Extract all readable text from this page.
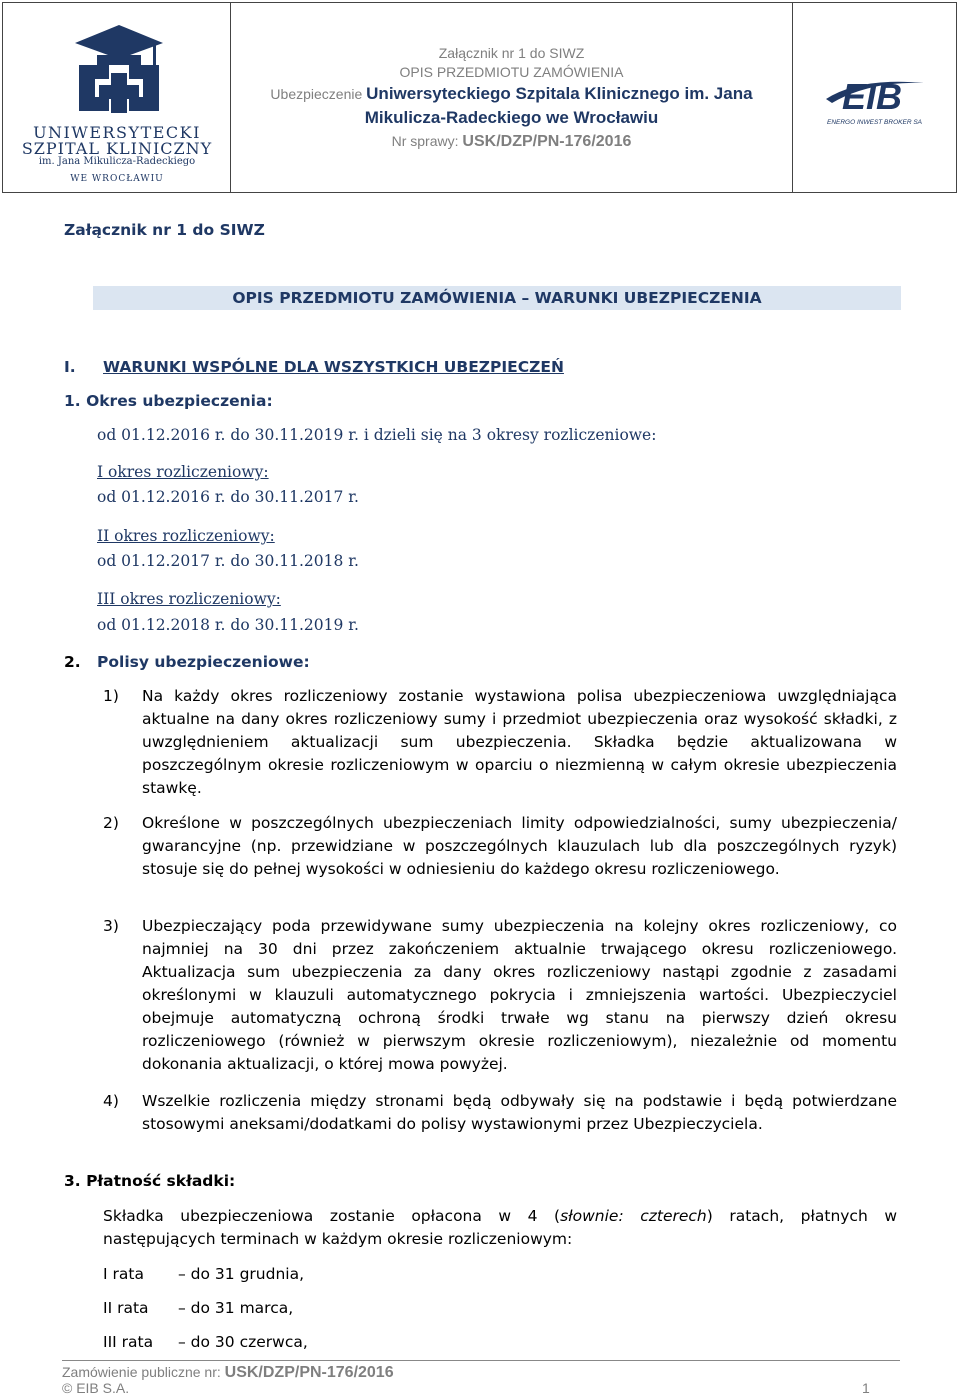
UNIWERSYTECKI
SZPITAL KLINICZNY
im. Jana Mikulicza-Radeckiego
WE WROCŁAWIU
Załącznik nr 1 do SIWZ
OPIS PRZEDMIOTU ZAMÓWIENIA
Ubezpieczenie Uniwersyteckiego Szpitala Klinicznego im. Jana
Mikulicza-Radeckiego we Wrocławiu
Nr sprawy: USK/DZP/PN-176/2016
EIB
ENERGO INWEST BROKER SA
Załącznik nr 1 do SIWZ
OPIS PRZEDMIOTU ZAMÓWIENIA – WARUNKI UBEZPIECZENIA
I. WARUNKI WSPÓLNE DLA WSZYSTKICH UBEZPIECZEŃ
1. Okres ubezpieczenia:
od 01.12.2016 r. do 30.11.2019 r. i dzieli się na 3 okresy rozliczeniowe:
I okres rozliczeniowy:
od 01.12.2016 r. do 30.11.2017 r.
II okres rozliczeniowy:
od 01.12.2017 r. do 30.11.2018 r.
III okres rozliczeniowy:
od 01.12.2018 r. do 30.11.2019 r.
2. Polisy ubezpieczeniowe:
1) Na każdy okres rozliczeniowy zostanie wystawiona polisa ubezpieczeniowa uwzględniająca aktualne na dany okres rozliczeniowy sumy i przedmiot ubezpieczenia oraz wysokość składki, z uwzględnieniem aktualizacji sum ubezpieczenia. Składka będzie aktualizowana w poszczególnym okresie rozliczeniowym w oparciu o niezmienną w całym okresie ubezpieczenia stawkę.
2) Określone w poszczególnych ubezpieczeniach limity odpowiedzialności, sumy ubezpieczenia/ gwarancyjne (np. przewidziane w poszczególnych klauzulach lub dla poszczególnych ryzyk) stosuje się do pełnej wysokości w odniesieniu do każdego okresu rozliczeniowego.
3) Ubezpieczający poda przewidywane sumy ubezpieczenia na kolejny okres rozliczeniowy, co najmniej na 30 dni przez zakończeniem aktualnie trwającego okresu rozliczeniowego. Aktualizacja sum ubezpieczenia za dany okres rozliczeniowy nastąpi zgodnie z zasadami określonymi w klauzuli automatycznego pokrycia i zmniejszenia wartości. Ubezpieczyciel obejmuje automatyczną ochroną środki trwałe wg stanu na pierwszy dzień okresu rozliczeniowego (również w pierwszym okresie rozliczeniowym), niezależnie od momentu dokonania aktualizacji, o której mowa powyżej.
4) Wszelkie rozliczenia między stronami będą odbywały się na podstawie i będą potwierdzane stosowymi aneksami/dodatkami do polisy wystawionymi przez Ubezpieczyciela.
3. Płatność składki:
Składka ubezpieczeniowa zostanie opłacona w 4 (słownie: czterech) ratach, płatnych w następujących terminach w każdym okresie rozliczeniowym:
I rata – do 31 grudnia,
II rata – do 31 marca,
III rata – do 30 czerwca,
Zamówienie publiczne nr: USK/DZP/PN-176/2016
© EIB S.A.	1
